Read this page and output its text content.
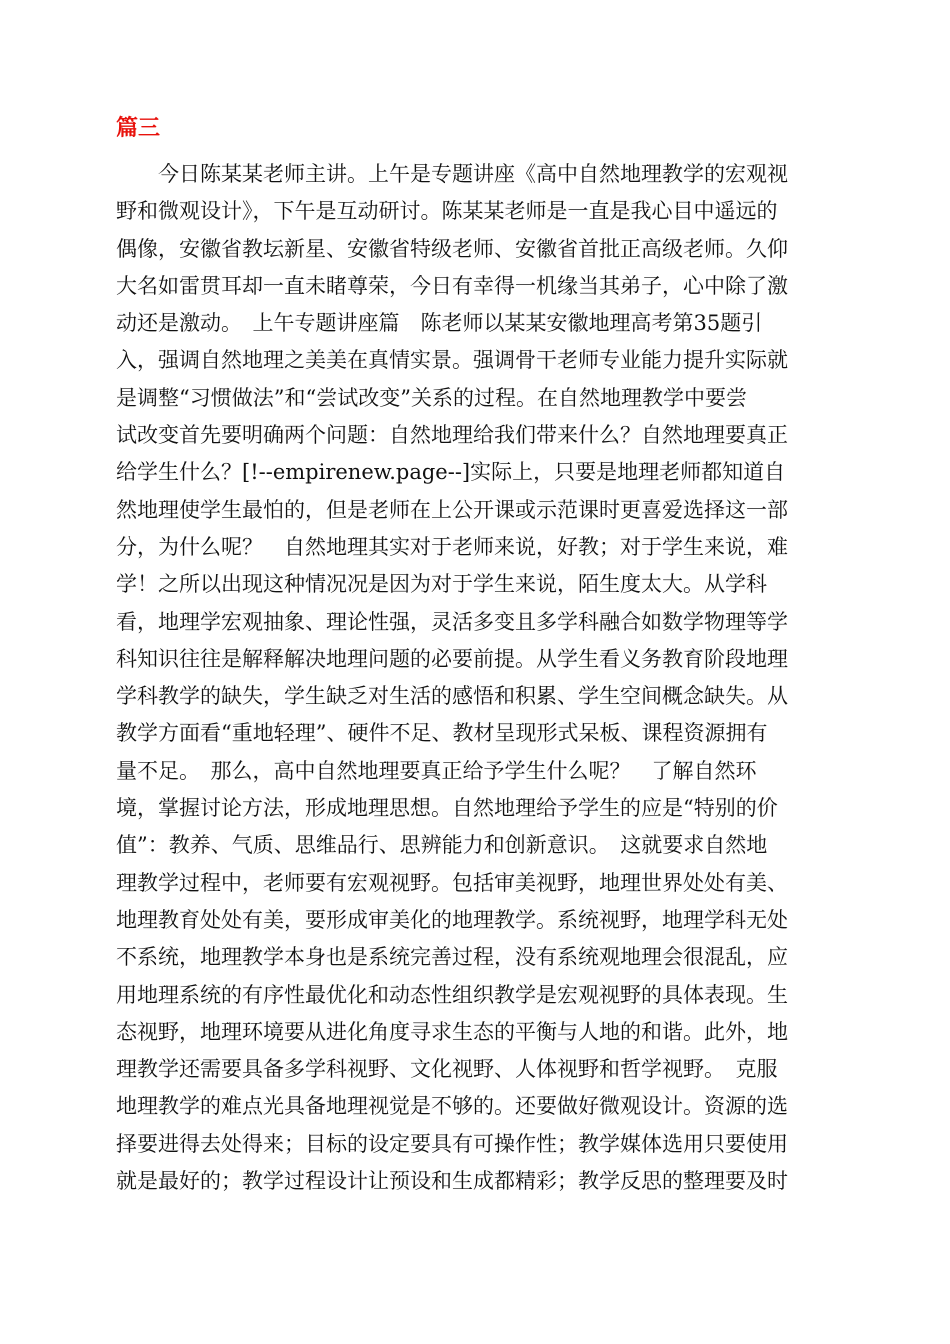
篇三
　　今日陈某某老师主讲。上午是专题讲座《高中自然地理教学的宏观视
野和微观设计》，下午是互动研讨。陈某某老师是一直是我心目中遥远的
偶像，安徽省教坛新星、安徽省特级老师、安徽省首批正高级老师。久仰
大名如雷贯耳却一直未睹尊荣，今日有幸得一机缘当其弟子，心中除了激
动还是激动。　上午专题讲座篇　陈老师以某某安徽地理高考第35题引
入，强调自然地理之美美在真情实景。强调骨干老师专业能力提升实际就
是调整“习惯做法”和“尝试改变”关系的过程。在自然地理教学中要尝
试改变首先要明确两个问题：自然地理给我们带来什么？自然地理要真正
给学生什么？[!--empirenew.page--]实际上，只要是地理老师都知道自
然地理使学生最怕的，但是老师在上公开课或示范课时更喜爱选择这一部
分，为什么呢？　自然地理其实对于老师来说，好教；对于学生来说，难
学！之所以出现这种情况况是因为对于学生来说，陌生度太大。从学科
看，地理学宏观抽象、理论性强，灵活多变且多学科融合如数学物理等学
科知识往往是解释解决地理问题的必要前提。从学生看义务教育阶段地理
学科教学的缺失，学生缺乏对生活的感悟和积累、学生空间概念缺失。从
教学方面看“重地轻理”、硬件不足、教材呈现形式呆板、课程资源拥有
量不足。　那么，高中自然地理要真正给予学生什么呢？　了解自然环
境，掌握讨论方法，形成地理思想。自然地理给予学生的应是“特别的价
值”：教养、气质、思维品行、思辨能力和创新意识。　这就要求自然地
理教学过程中，老师要有宏观视野。包括审美视野，地理世界处处有美、
地理教育处处有美，要形成审美化的地理教学。系统视野，地理学科无处
不系统，地理教学本身也是系统完善过程，没有系统观地理会很混乱，应
用地理系统的有序性最优化和动态性组织教学是宏观视野的具体表现。生
态视野，地理环境要从进化角度寻求生态的平衡与人地的和谐。此外，地
理教学还需要具备多学科视野、文化视野、人体视野和哲学视野。　克服
地理教学的难点光具备地理视觉是不够的。还要做好微观设计。资源的选
择要进得去处得来；目标的设定要具有可操作性；教学媒体选用只要使用
就是最好的；教学过程设计让预设和生成都精彩；教学反思的整理要及时
